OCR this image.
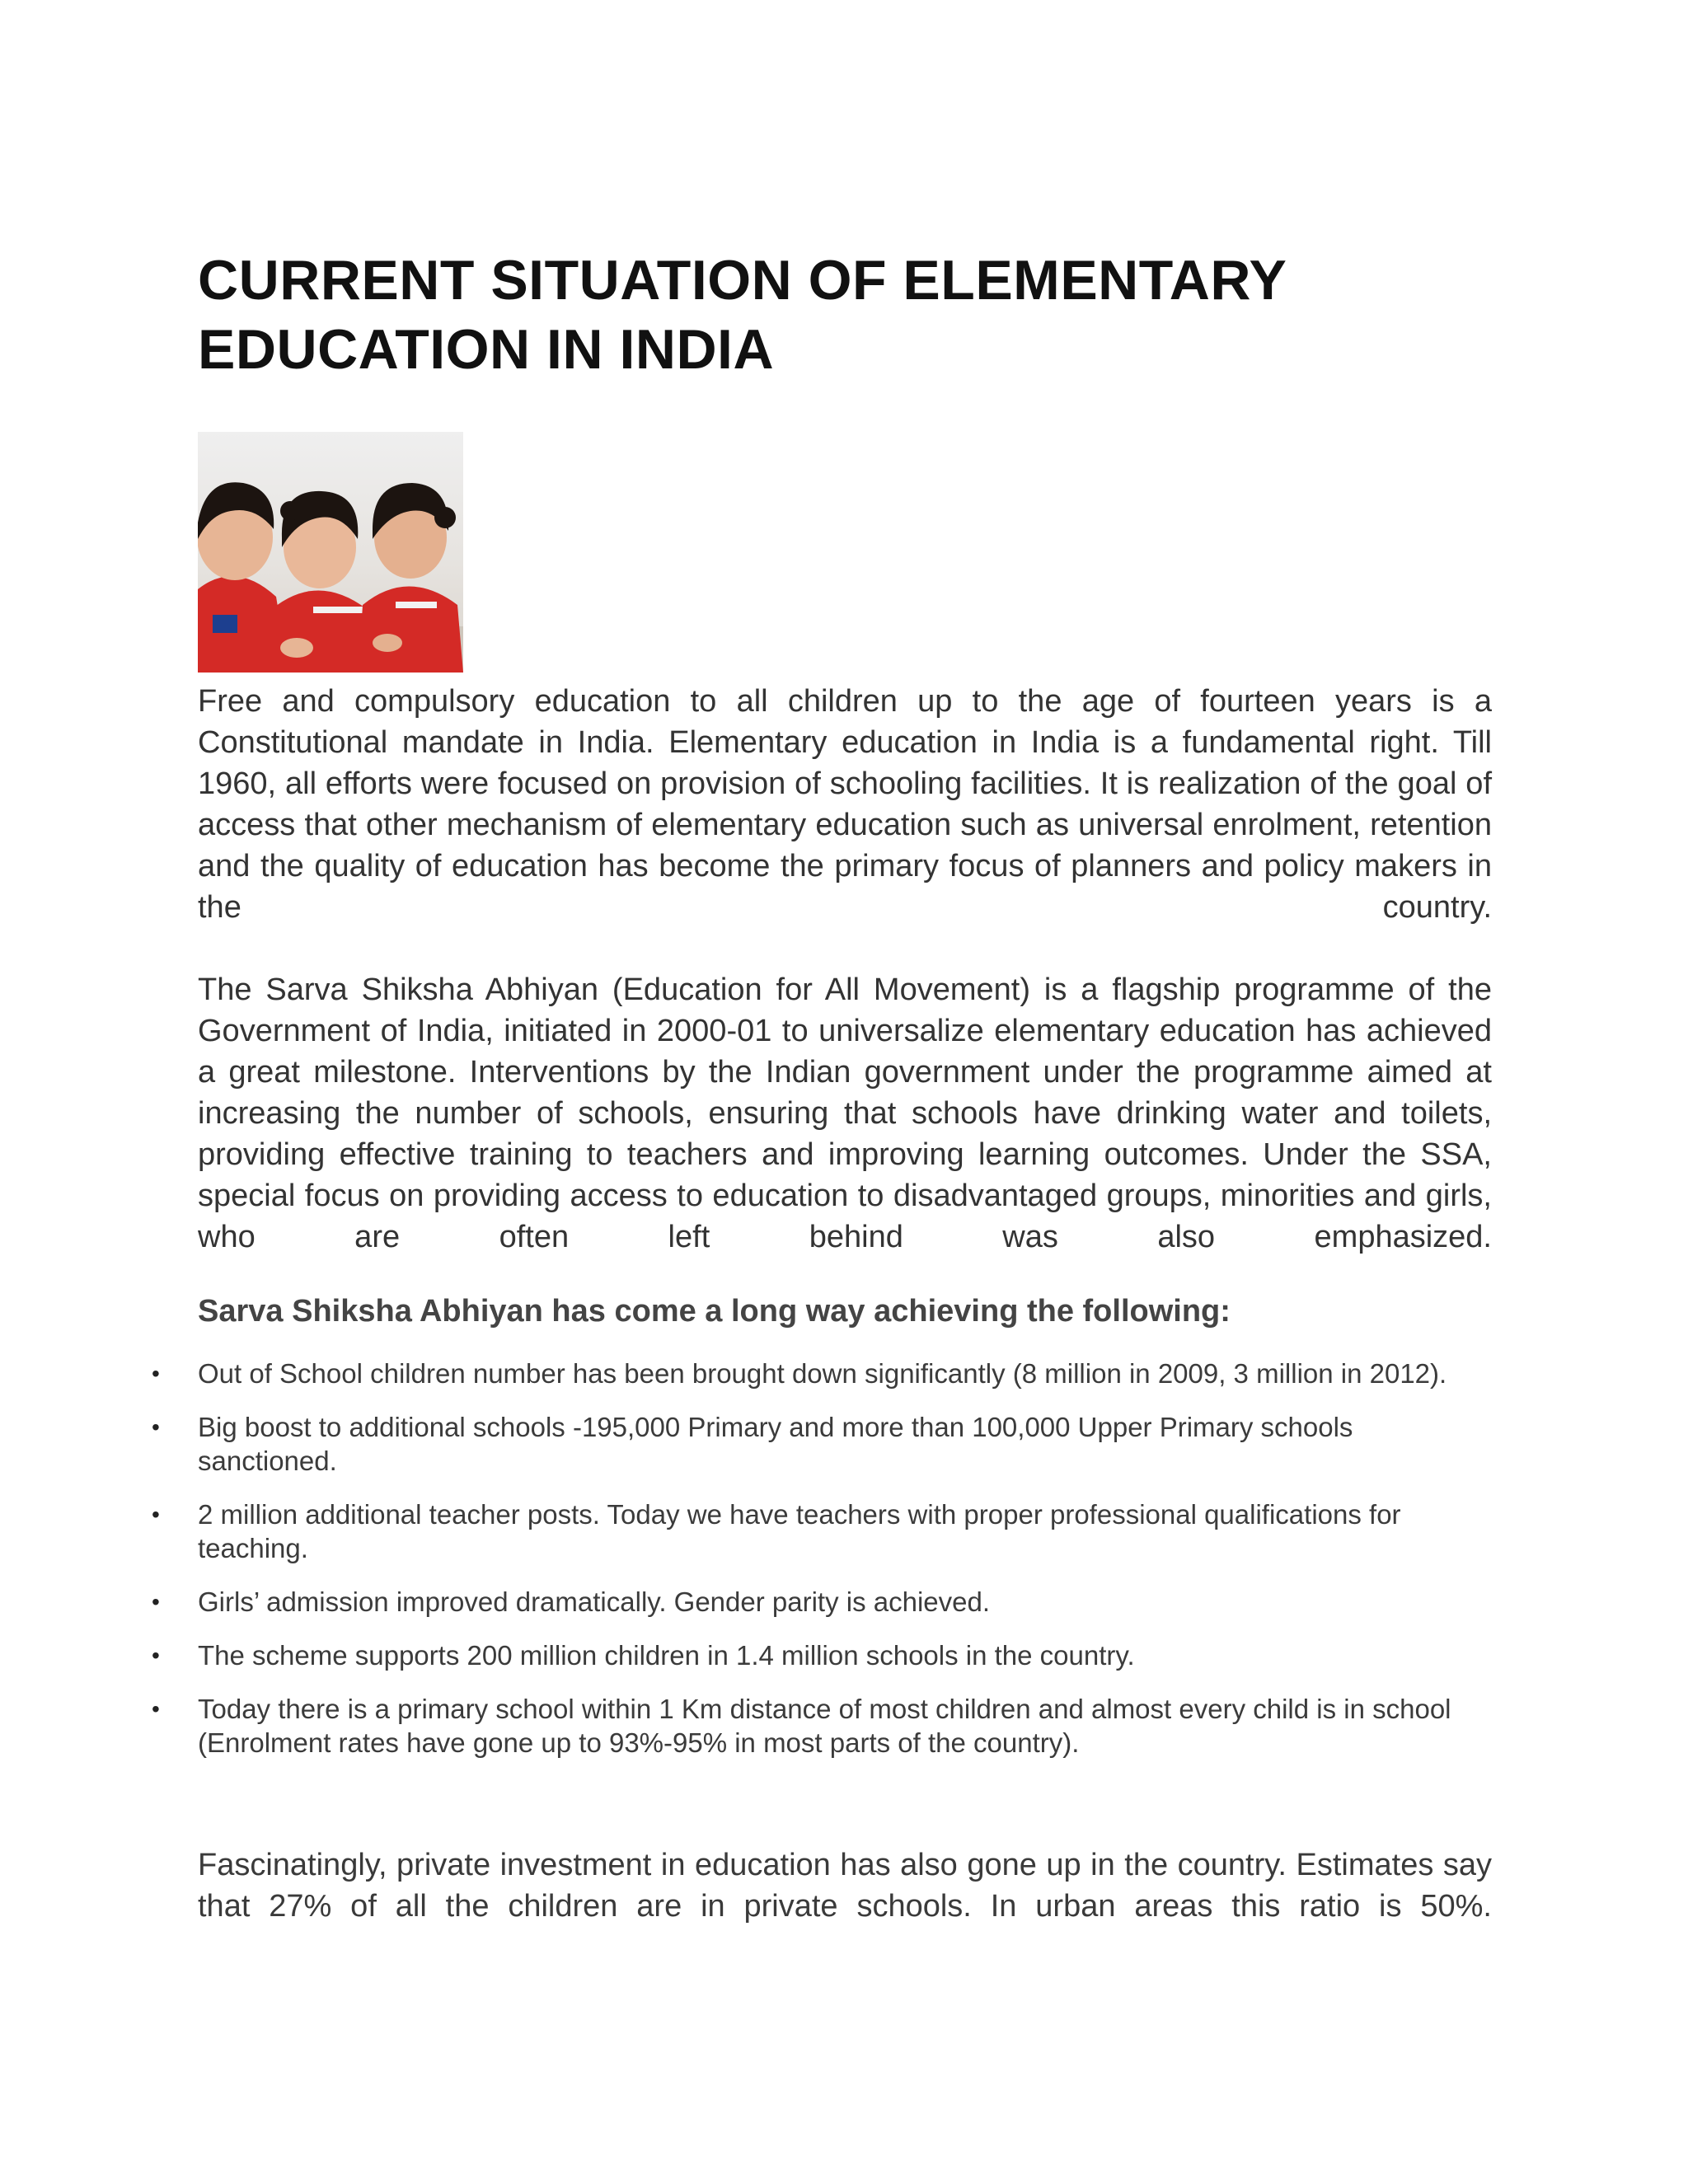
CURRENT SITUATION OF ELEMENTARY
EDUCATION IN INDIA

Free and compulsory education to all children up to the age of fourteen years is a Constitutional mandate in India. Elementary education in India is a fundamental right. Till 1960, all efforts were focused on provision of schooling facilities. It is realization of the goal of access that other mechanism of elementary education such as universal enrolment, retention and the quality of education has become the primary focus of planners and policy makers in the country.

The Sarva Shiksha Abhiyan (Education for All Movement) is a flagship programme of the Government of India, initiated in 2000-01 to universalize elementary education has achieved a great milestone. Interventions by the Indian government under the programme aimed at increasing the number of schools, ensuring that schools have drinking water and toilets, providing effective training to teachers and improving learning outcomes. Under the SSA, special focus on providing access to education to disadvantaged groups, minorities and girls, who are often left behind was also emphasized.

Sarva Shiksha Abhiyan has come a long way achieving the following:
• Out of School children number has been brought down significantly (8 million in 2009, 3 million in 2012).
• Big boost to additional schools -195,000 Primary and more than 100,000 Upper Primary schools sanctioned.
• 2 million additional teacher posts. Today we have teachers with proper professional qualifications for teaching.
• Girls’ admission improved dramatically. Gender parity is achieved.
• The scheme supports 200 million children in 1.4 million schools in the country.
• Today there is a primary school within 1 Km distance of most children and almost every child is in school (Enrolment rates have gone up to 93%-95% in most parts of the country).

Fascinatingly, private investment in education has also gone up in the country. Estimates say that 27% of all the children are in private schools. In urban areas this ratio is 50%.
